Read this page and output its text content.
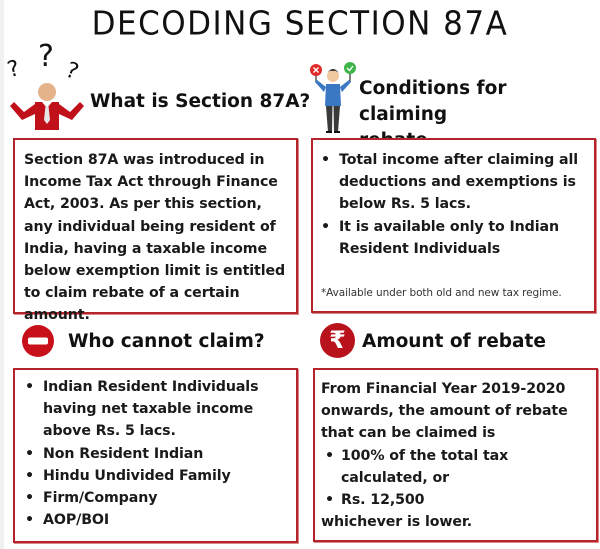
DECODING SECTION 87A
? ? ?
What is Section 87A?
Conditions for claiming

Section 87A was introduced in Income Tax Act through Finance Act, 2003. As per this section, any individual being resident of India, having a taxable income below exemption limit is entitled to claim rebate of a certain amount.

• Total income after claiming all deductions and exemptions is below Rs. 5 lacs.
• It is available only to Indian Resident Individuals
*Available under both old and new tax regime.
Who cannot claim?	₹ Amount of rebate
• Indian Resident Individuals having net taxable income above Rs. 5 lacs.
• Non Resident Indian
• Hindu Undivided Family
• Firm/Company
• AOP/BOI

From Financial Year 2019-2020 onwards, the amount of rebate that can be claimed is

• 100% of the total tax calculated, or
• Rs. 12,500

whichever is lower.
